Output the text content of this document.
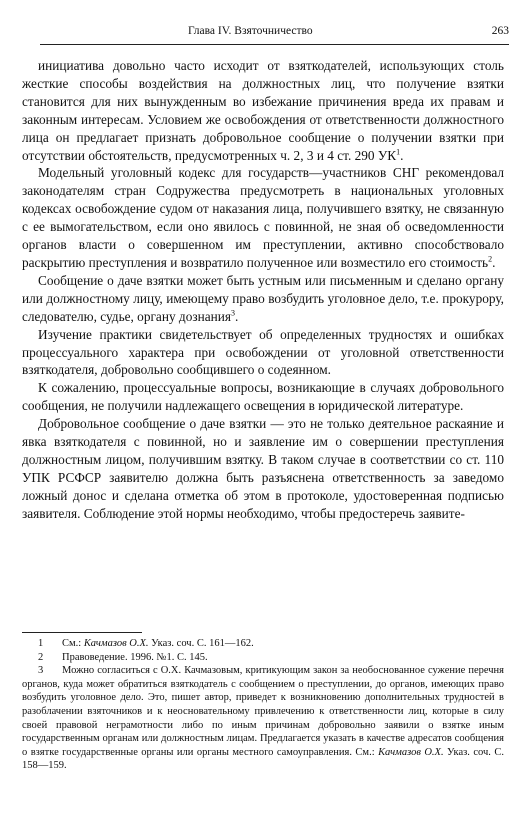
Глава IV. Взяточничество	263

инициатива довольно часто исходит от взяткодателей, использующих столь жесткие способы воздействия на должностных лиц, что получение взятки становится для них вынужденным во избежание причинения вреда их правам и законным интересам. Условием же освобождения от ответственности должностного лица он предлагает признать добровольное сообщение о получении взятки при отсутствии обстоятельств, предусмотренных ч. 2, 3 и 4 ст. 290 $УК^1$.

Модельный уголовный кодекс для государств—участников СНГ рекомендовал законодателям стран Содружества предусмотреть в национальных уголовных кодексах освобождение судом от наказания лица, получившего взятку, не связанную с ее вымогательством, если оно явилось с повинной, не зная об осведомленности органов власти о совершенном им преступлении, активно способствовало раскрытию преступления и возвратило полученное или возместило его стоимость$^2$.

Сообщение о даче взятки может быть устным или письменным и сделано органу или должностному лицу, имеющему право возбудить уголовное дело, т.е. прокурору, следователю, судье, органу дознания$^3$.

Изучение практики свидетельствует об определенных трудностях и ошибках процессуального характера при освобождении от уголовной ответственности взяткодателя, добровольно сообщившего о содеянном.

К сожалению, процессуальные вопросы, возникающие в случаях добровольного сообщения, не получили надлежащего освещения в юридической литературе.

Добровольное сообщение о даче взятки — это не только деятельное раскаяние и явка взяткодателя с повинной, но и заявление им о совершении преступления должностным лицом, получившим взятку. В таком случае в соответствии со ст. 110 УПК РСФСР заявителю должна быть разъяснена ответственность за заведомо ложный донос и сделана отметка об этом в протоколе, удостоверенная подписью заявителя. Соблюдение этой нормы необходимо, чтобы предостеречь заявите-

1 См.: Качмазов О.Х. Указ. соч. С. 161—162.

2 Правоведение. 1996. №1. С. 145.

3 Можно согласиться с О.Х. Качмазовым, критикующим закон за необоснованное сужение перечня органов, куда может обратиться взяткодатель с сообщением о преступлении, до органов, имеющих право возбудить уголовное дело. Это, пишет автор, приведет к возникновению дополнительных трудностей в разоблачении взяточников и к неосновательному привлечению к ответственности лиц, которые в силу своей правовой неграмотности либо по иным причинам добровольно заявили о взятке иным государственным органам или должностным лицам. Предлагается указать в качестве адресатов сообщения о взятке государственные органы или органы местного самоуправления. См.: Качмазов О.Х. Указ. соч. С. 158—159.
